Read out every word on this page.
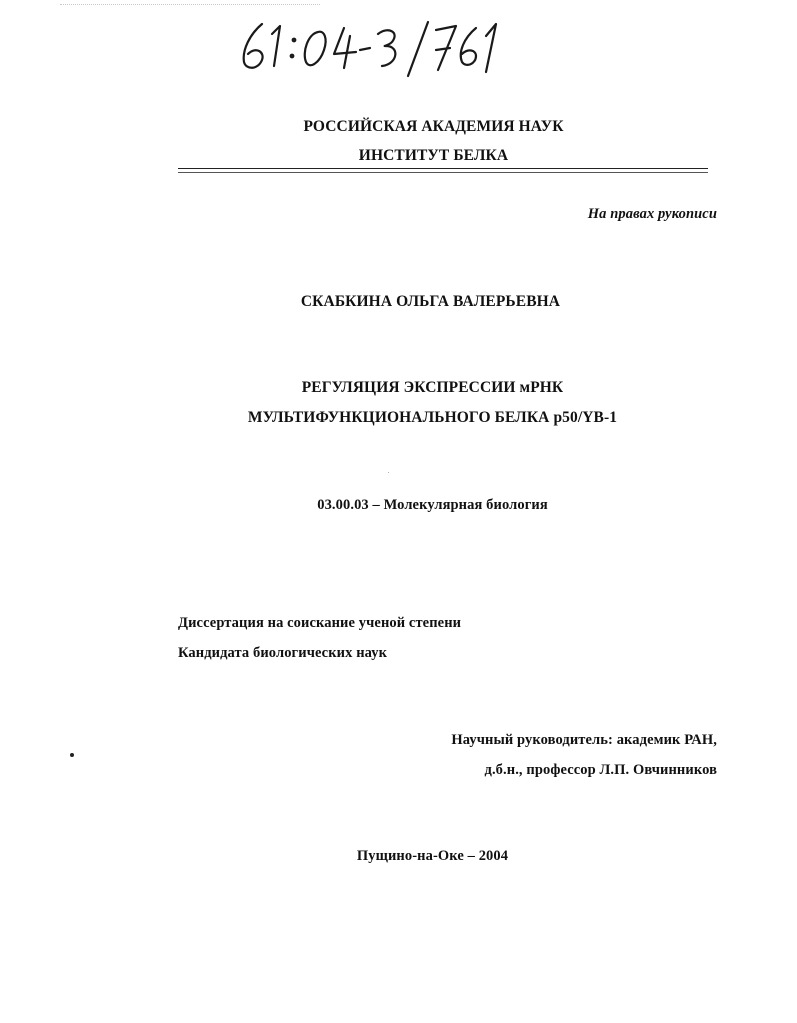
РОССИЙСКАЯ АКАДЕМИЯ НАУК
ИНСТИТУТ БЕЛКА
На правах рукописи
СКАБКИНА ОЛЬГА ВАЛЕРЬЕВНА
РЕГУЛЯЦИЯ ЭКСПРЕССИИ мРНК
МУЛЬТИФУНКЦИОНАЛЬНОГО БЕЛКА p50/YB-1
03.00.03 – Молекулярная биология
Диссертация на соискание ученой степени
Кандидата биологических наук
Научный руководитель: академик РАН,
д.б.н., профессор Л.П. Овчинников
Пущино-на-Оке – 2004
